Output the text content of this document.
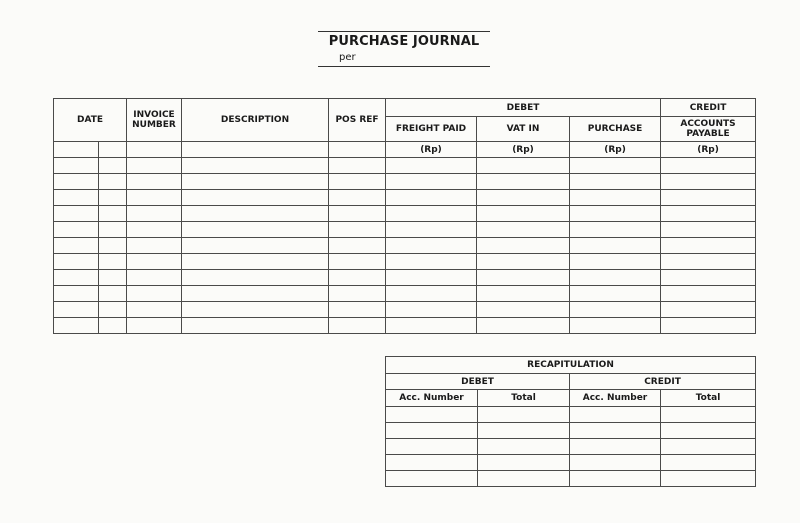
PURCHASE JOURNAL
per
DATE		INVOICE NUMBER	DESCRIPTION	POS REF	DEBET			CREDIT
					FREIGHT PAID	VAT IN	PURCHASE	ACCOUNTS PAYABLE
					(Rp)	(Rp)	(Rp)	(Rp)

RECAPITULATION			
DEBET		CREDIT	
Acc. Number	Total	Acc. Number	Total
